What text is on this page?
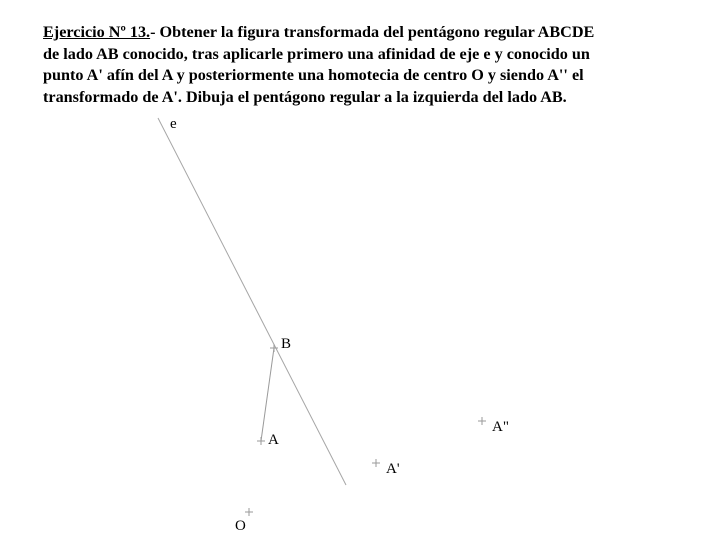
Ejercicio Nº 13.- Obtener la figura transformada del pentágono regular ABCDE
de lado AB conocido, tras aplicarle primero una afinidad de eje e y conocido un
punto A' afín del A y posteriormente una homotecia de centro O y siendo A'' el
transformado de A'. Dibuja el pentágono regular a la izquierda del lado AB.
e
B
A
A'
A"
O
